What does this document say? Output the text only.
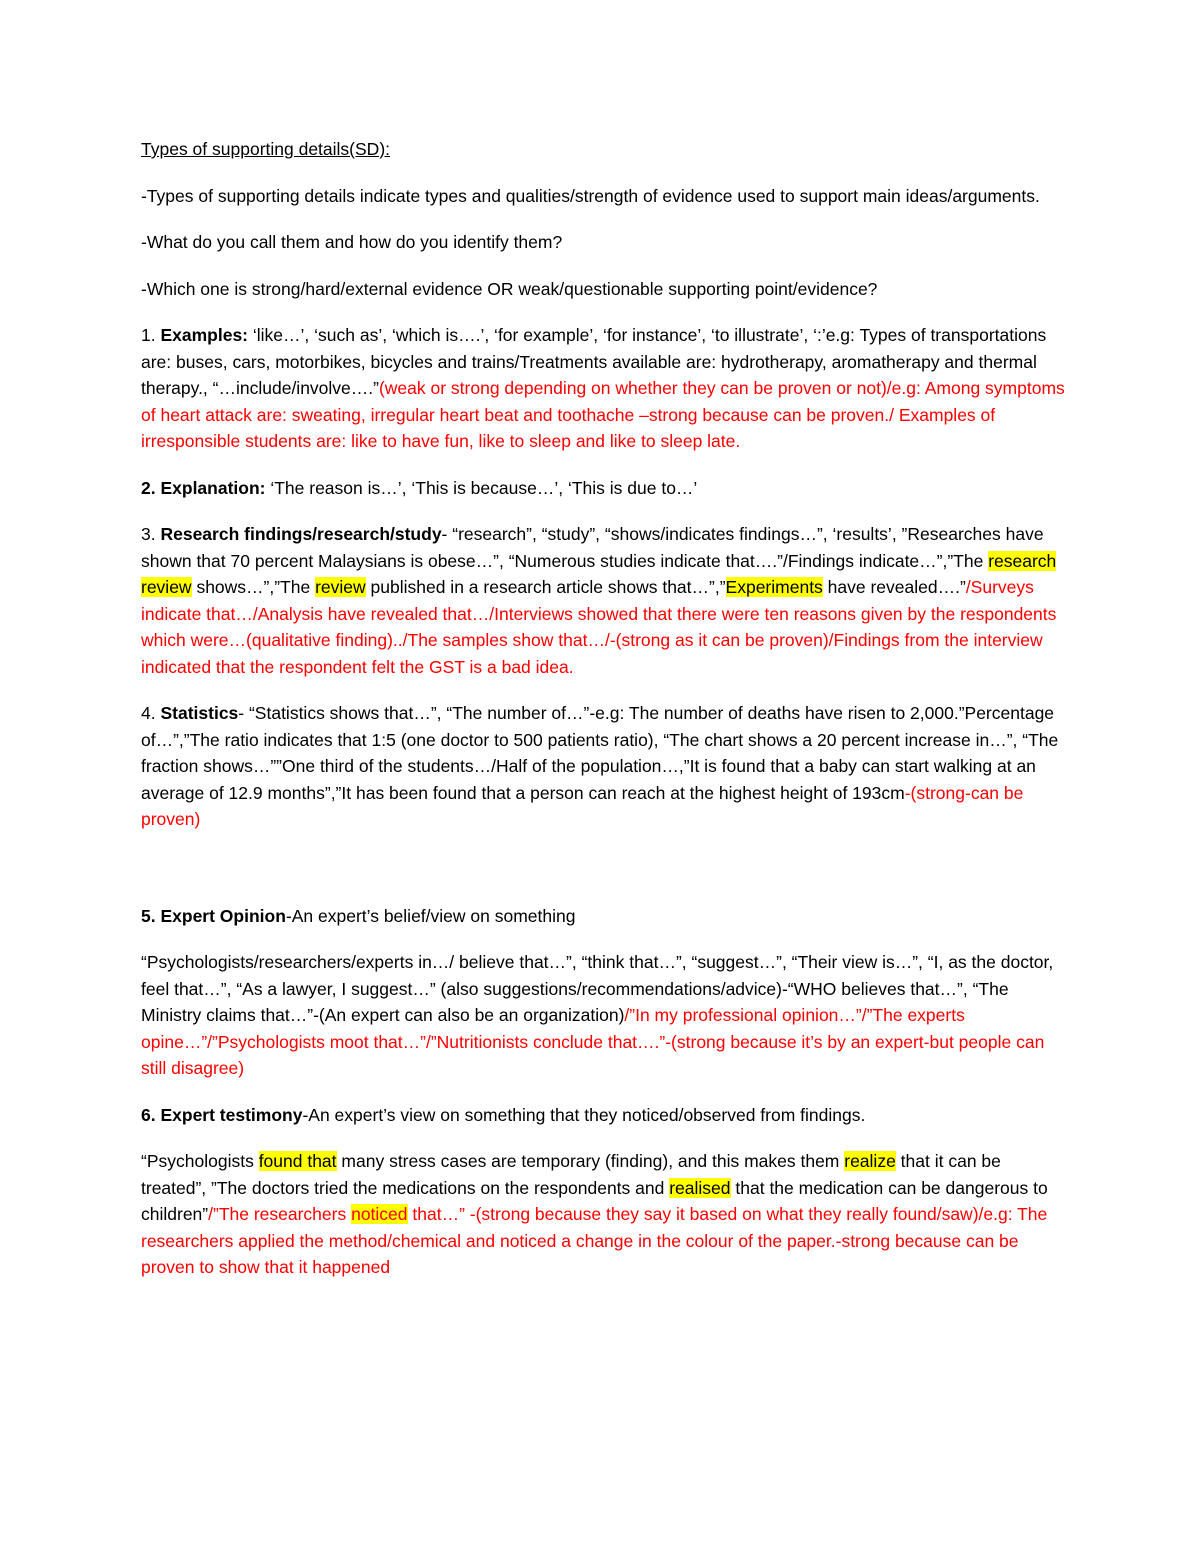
Types of supporting details(SD):

-Types of supporting details indicate types and qualities/strength of evidence used to support main ideas/arguments.

-What do you call them and how do you identify them?

-Which one is strong/hard/external evidence OR weak/questionable supporting point/evidence?

1. Examples: ‘like…’, ‘such as’, ‘which is….’, ‘for example’, ‘for instance’, ‘to illustrate’, ‘:’e.g: Types of transportations are: buses, cars, motorbikes, bicycles and trains/Treatments available are: hydrotherapy, aromatherapy and thermal therapy., “…include/involve….”(weak or strong depending on whether they can be proven or not)/e.g: Among symptoms of heart attack are: sweating, irregular heart beat and toothache –strong because can be proven./ Examples of irresponsible students are: like to have fun, like to sleep and like to sleep late.

2. Explanation: ‘The reason is…’, ‘This is because…’, ‘This is due to…’

3. Research findings/research/study- “research”, “study”, “shows/indicates findings…”, ‘results’, ”Researches have shown that 70 percent Malaysians is obese…”, “Numerous studies indicate that….”/Findings indicate…”,”The research review shows…”,”The review published in a research article shows that…”,”Experiments have revealed….”/Surveys indicate that…/Analysis have revealed that…/Interviews showed that there were ten reasons given by the respondents which were…(qualitative finding)../The samples show that…/-(strong as it can be proven)/Findings from the interview indicated that the respondent felt the GST is a bad idea.

4. Statistics- “Statistics shows that…”, “The number of…”-e.g: The number of deaths have risen to 2,000.”Percentage of…”,”The ratio indicates that 1:5 (one doctor to 500 patients ratio), “The chart shows a 20 percent increase in…”, “The fraction shows…””One third of the students…/Half of the population…,”It is found that a baby can start walking at an average of 12.9 months”,”It has been found that a person can reach at the highest height of 193cm-(strong-can be proven)

5. Expert Opinion-An expert’s belief/view on something

“Psychologists/researchers/experts in…/ believe that…”, “think that…”, “suggest…”, “Their view is…”, “I, as the doctor, feel that…”, “As a lawyer, I suggest…” (also suggestions/recommendations/advice)-“WHO believes that…”, “The Ministry claims that…”-(An expert can also be an organization)/”In my professional opinion…”/”The experts opine…”/”Psychologists moot that…”/”Nutritionists conclude that….”-(strong because it’s by an expert-but people can still disagree)

6. Expert testimony-An expert’s view on something that they noticed/observed from findings.

“Psychologists found that many stress cases are temporary (finding), and this makes them realize that it can be treated”, ”The doctors tried the medications on the respondents and realised that the medication can be dangerous to children”/”The researchers noticed that…” -(strong because they say it based on what they really found/saw)/e.g: The researchers applied the method/chemical and noticed a change in the colour of the paper.-strong because can be proven to show that it happened
